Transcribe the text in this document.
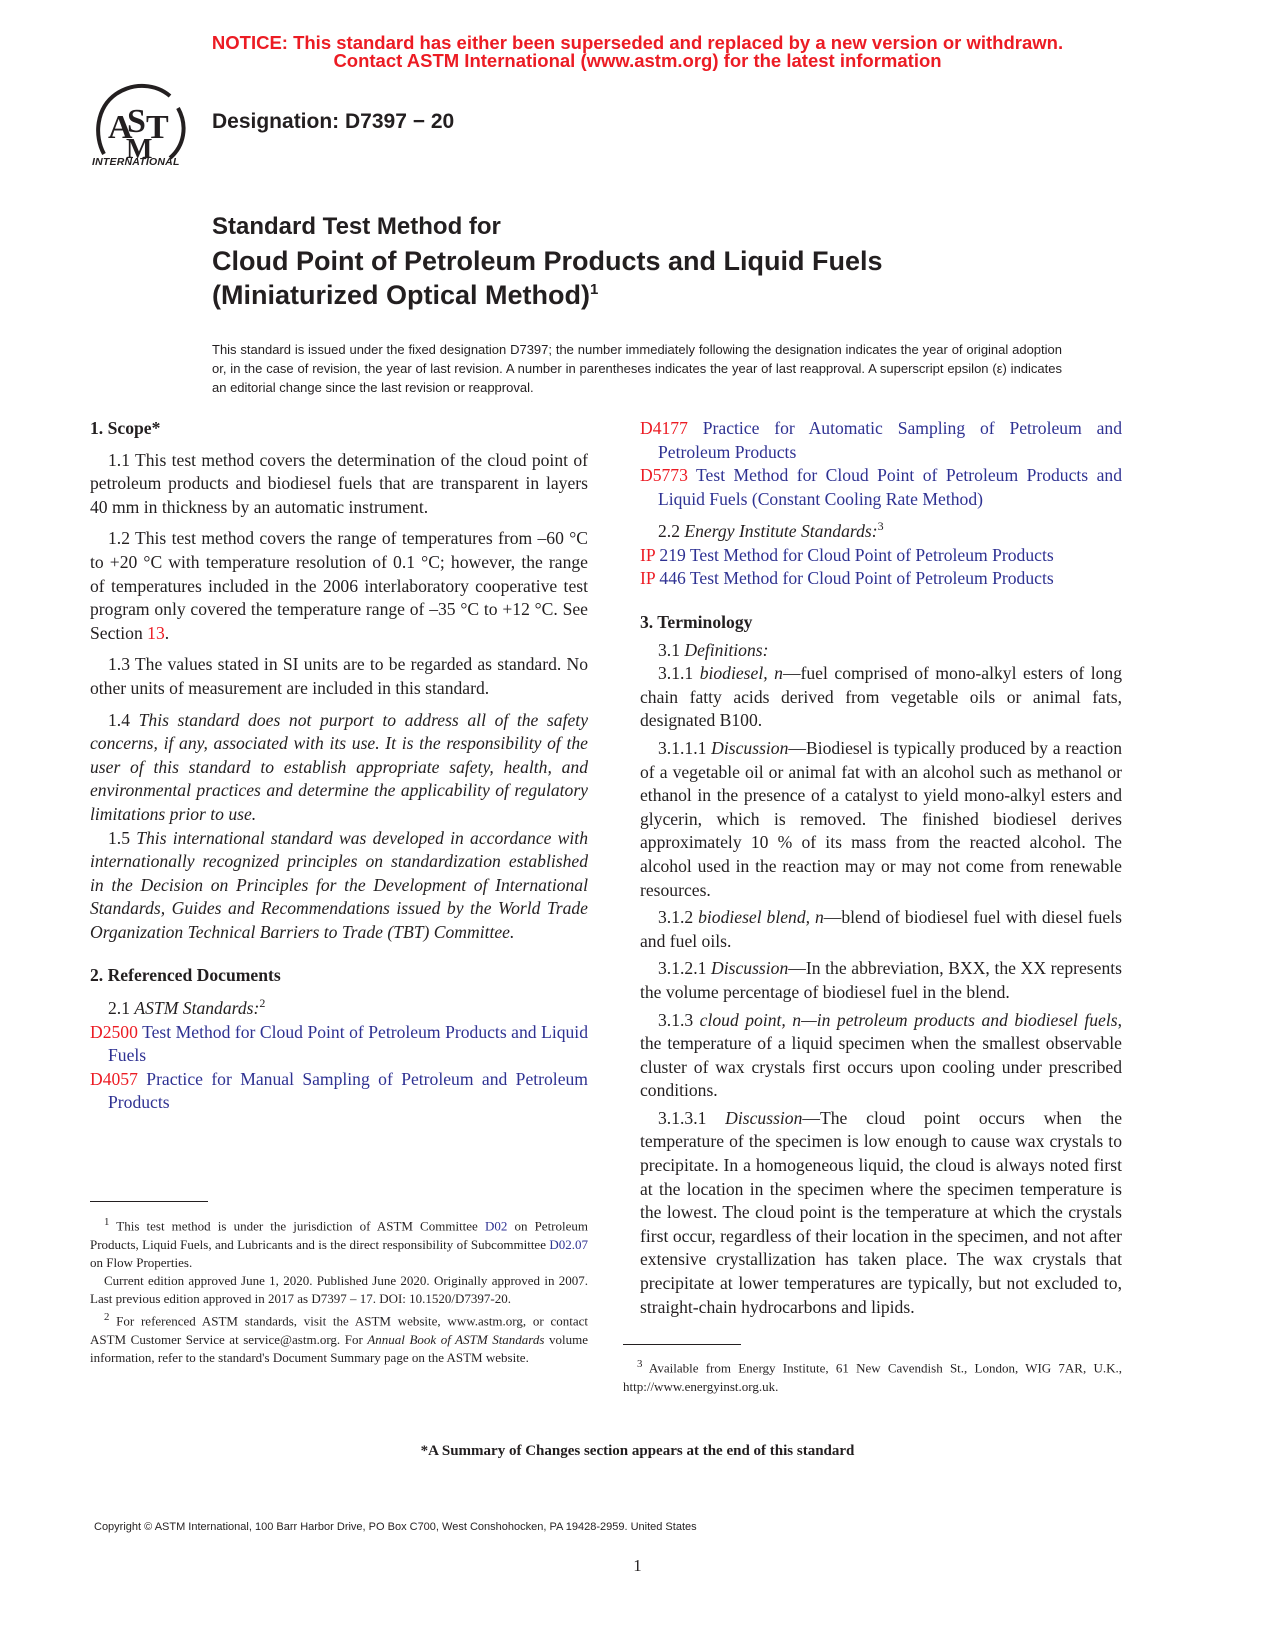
NOTICE: This standard has either been superseded and replaced by a new version or withdrawn.
Contact ASTM International (www.astm.org) for the latest information
A
S T
M
INTERNATIONAL
Designation: D7397 − 20
Standard Test Method for
Cloud Point of Petroleum Products and Liquid Fuels
(Miniaturized Optical Method)$^1$
This standard is issued under the fixed designation D7397; the number immediately following the designation indicates the year of original adoption or, in the case of revision, the year of last revision. A number in parentheses indicates the year of last reapproval. A superscript epsilon (ε) indicates an editorial change since the last revision or reapproval.

1. Scope*

1.1 This test method covers the determination of the cloud point of petroleum products and biodiesel fuels that are transparent in layers 40 mm in thickness by an automatic instrument.

1.2 This test method covers the range of temperatures from –60 °C to +20 °C with temperature resolution of 0.1 °C; however, the range of temperatures included in the 2006 interlaboratory cooperative test program only covered the temperature range of –35 °C to +12 °C. See Section 13.

1.3 The values stated in SI units are to be regarded as standard. No other units of measurement are included in this standard.

1.4 This standard does not purport to address all of the safety concerns, if any, associated with its use. It is the responsibility of the user of this standard to establish appropriate safety, health, and environmental practices and determine the applicability of regulatory limitations prior to use.

1.5 This international standard was developed in accordance with internationally recognized principles on standardization established in the Decision on Principles for the Development of International Standards, Guides and Recommendations issued by the World Trade Organization Technical Barriers to Trade (TBT) Committee.

2. Referenced Documents

2.1 ASTM Standards:$^2$

D2500 Test Method for Cloud Point of Petroleum Products and Liquid Fuels

D4057 Practice for Manual Sampling of Petroleum and Petroleum Products

$^1$ This test method is under the jurisdiction of ASTM Committee D02 on Petroleum Products, Liquid Fuels, and Lubricants and is the direct responsibility of Subcommittee D02.07 on Flow Properties.

Current edition approved June 1, 2020. Published June 2020. Originally approved in 2007. Last previous edition approved in 2017 as D7397 – 17. DOI: 10.1520/D7397-20.

$^2$ For referenced ASTM standards, visit the ASTM website, www.astm.org, or contact ASTM Customer Service at service@astm.org. For Annual Book of ASTM Standards volume information, refer to the standard's Document Summary page on the ASTM website.

D4177 Practice for Automatic Sampling of Petroleum and Petroleum Products

D5773 Test Method for Cloud Point of Petroleum Products and Liquid Fuels (Constant Cooling Rate Method)

2.2 Energy Institute Standards:$^3$

IP 219 Test Method for Cloud Point of Petroleum Products

IP 446 Test Method for Cloud Point of Petroleum Products

3. Terminology

3.1 Definitions:

3.1.1 biodiesel, n—fuel comprised of mono-alkyl esters of long chain fatty acids derived from vegetable oils or animal fats, designated B100.

3.1.1.1 Discussion—Biodiesel is typically produced by a reaction of a vegetable oil or animal fat with an alcohol such as methanol or ethanol in the presence of a catalyst to yield mono-alkyl esters and glycerin, which is removed. The finished biodiesel derives approximately 10 % of its mass from the reacted alcohol. The alcohol used in the reaction may or may not come from renewable resources.

3.1.2 biodiesel blend, n—blend of biodiesel fuel with diesel fuels and fuel oils.

3.1.2.1 Discussion—In the abbreviation, BXX, the XX represents the volume percentage of biodiesel fuel in the blend.

3.1.3 cloud point, n—in petroleum products and biodiesel fuels, the temperature of a liquid specimen when the smallest observable cluster of wax crystals first occurs upon cooling under prescribed conditions.

3.1.3.1 Discussion—The cloud point occurs when the temperature of the specimen is low enough to cause wax crystals to precipitate. In a homogeneous liquid, the cloud is always noted first at the location in the specimen where the specimen temperature is the lowest. The cloud point is the temperature at which the crystals first occur, regardless of their location in the specimen, and not after extensive crystallization has taken place. The wax crystals that precipitate at lower temperatures are typically, but not excluded to, straight-chain hydrocarbons and lipids.

$^3$ Available from Energy Institute, 61 New Cavendish St., London, WIG 7AR, U.K., http://www.energyinst.org.uk.

*A Summary of Changes section appears at the end of this standard
Copyright © ASTM International, 100 Barr Harbor Drive, PO Box C700, West Conshohocken, PA 19428-2959. United States
1
